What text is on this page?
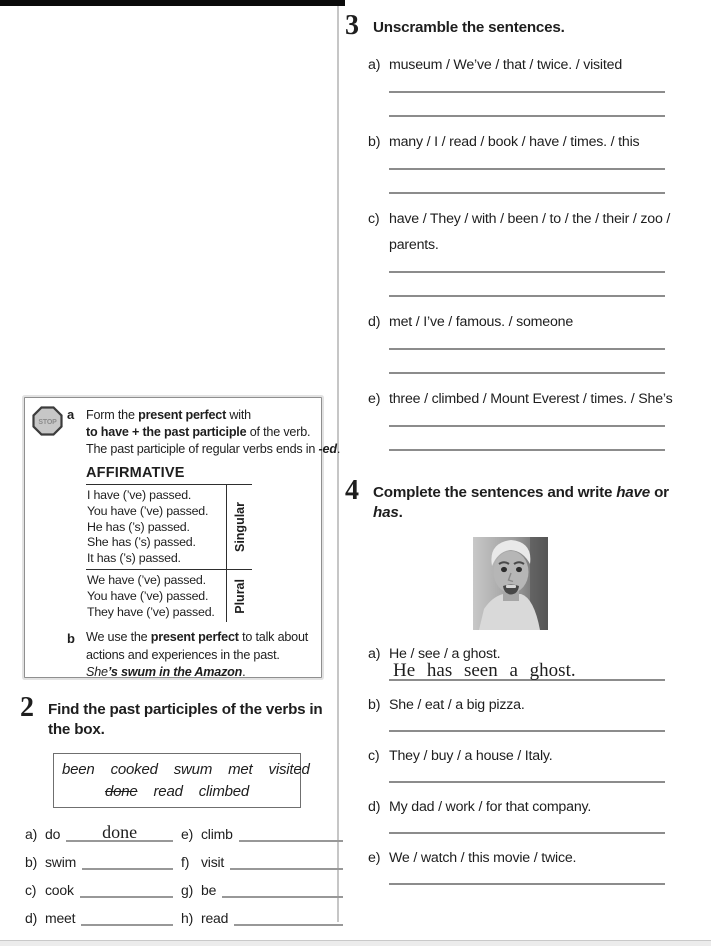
STOP
a Form the present perfect with
to have + the past participle of the verb.
The past participle of regular verbs ends in -ed.
AFFIRMATIVE
I have (’ve) passed.
You have (’ve) passed.
He has (’s) passed.
She has (’s) passed.
It has (’s) passed.
Singular
We have (’ve) passed.
You have (’ve) passed.
They have (’ve) passed.	Plural
b We use the present perfect to talk about
actions and experiences in the past.
She’s swum in the Amazon.
2 Find the past participles of the verbs in the box.
been cooked swum met visited
done read climbed
a) do	done	e) climb
b) swim	f) visit
c) cook	g) be
d) meet	h) read
3 Unscramble the sentences.
a) museum / We’ve / that / twice. / visited
b) many / I / read / book / have / times. / this
c) have / They / with / been / to / the / their / zoo / parents.
d) met / I’ve / famous. / someone
e) three / climbed / Mount Everest / times. / She’s
4 Complete the sentences and write have or has.
a) He / see / a ghost.
He has seen a ghost.
b) She / eat / a big pizza.
c) They / buy / a house / Italy.
d) My dad / work / for that company.
e) We / watch / this movie / twice.
